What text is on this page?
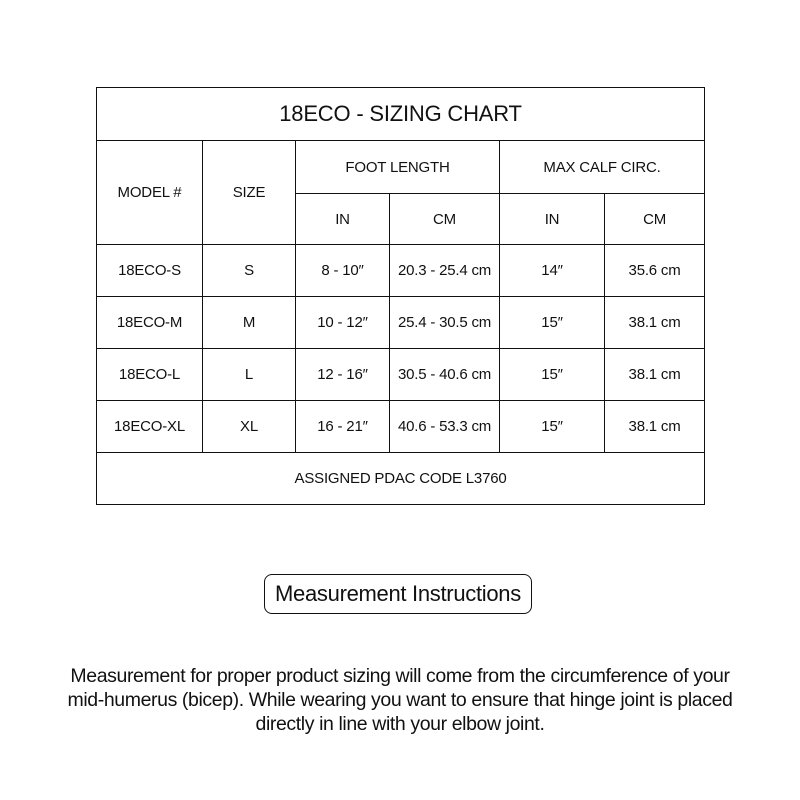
18ECO - SIZING CHART					
MODEL #	SIZE	FOOT LENGTH		MAX CALF CIRC.	
		IN	CM	IN	CM
18ECO-S	S	8 - 10″	20.3 - 25.4 cm	14″	35.6 cm
18ECO-M	M	10 - 12″	25.4 - 30.5 cm	15″	38.1 cm
18ECO-L	L	12 - 16″	30.5 - 40.6 cm	15″	38.1 cm
18ECO-XL	XL	16 - 21″	40.6 - 53.3 cm	15″	38.1 cm
ASSIGNED PDAC CODE L3760					
Measurement Instructions

Measurement for proper product sizing will come from the circumference of your mid-humerus (bicep). While wearing you want to ensure that hinge joint is placed directly in line with your elbow joint.
